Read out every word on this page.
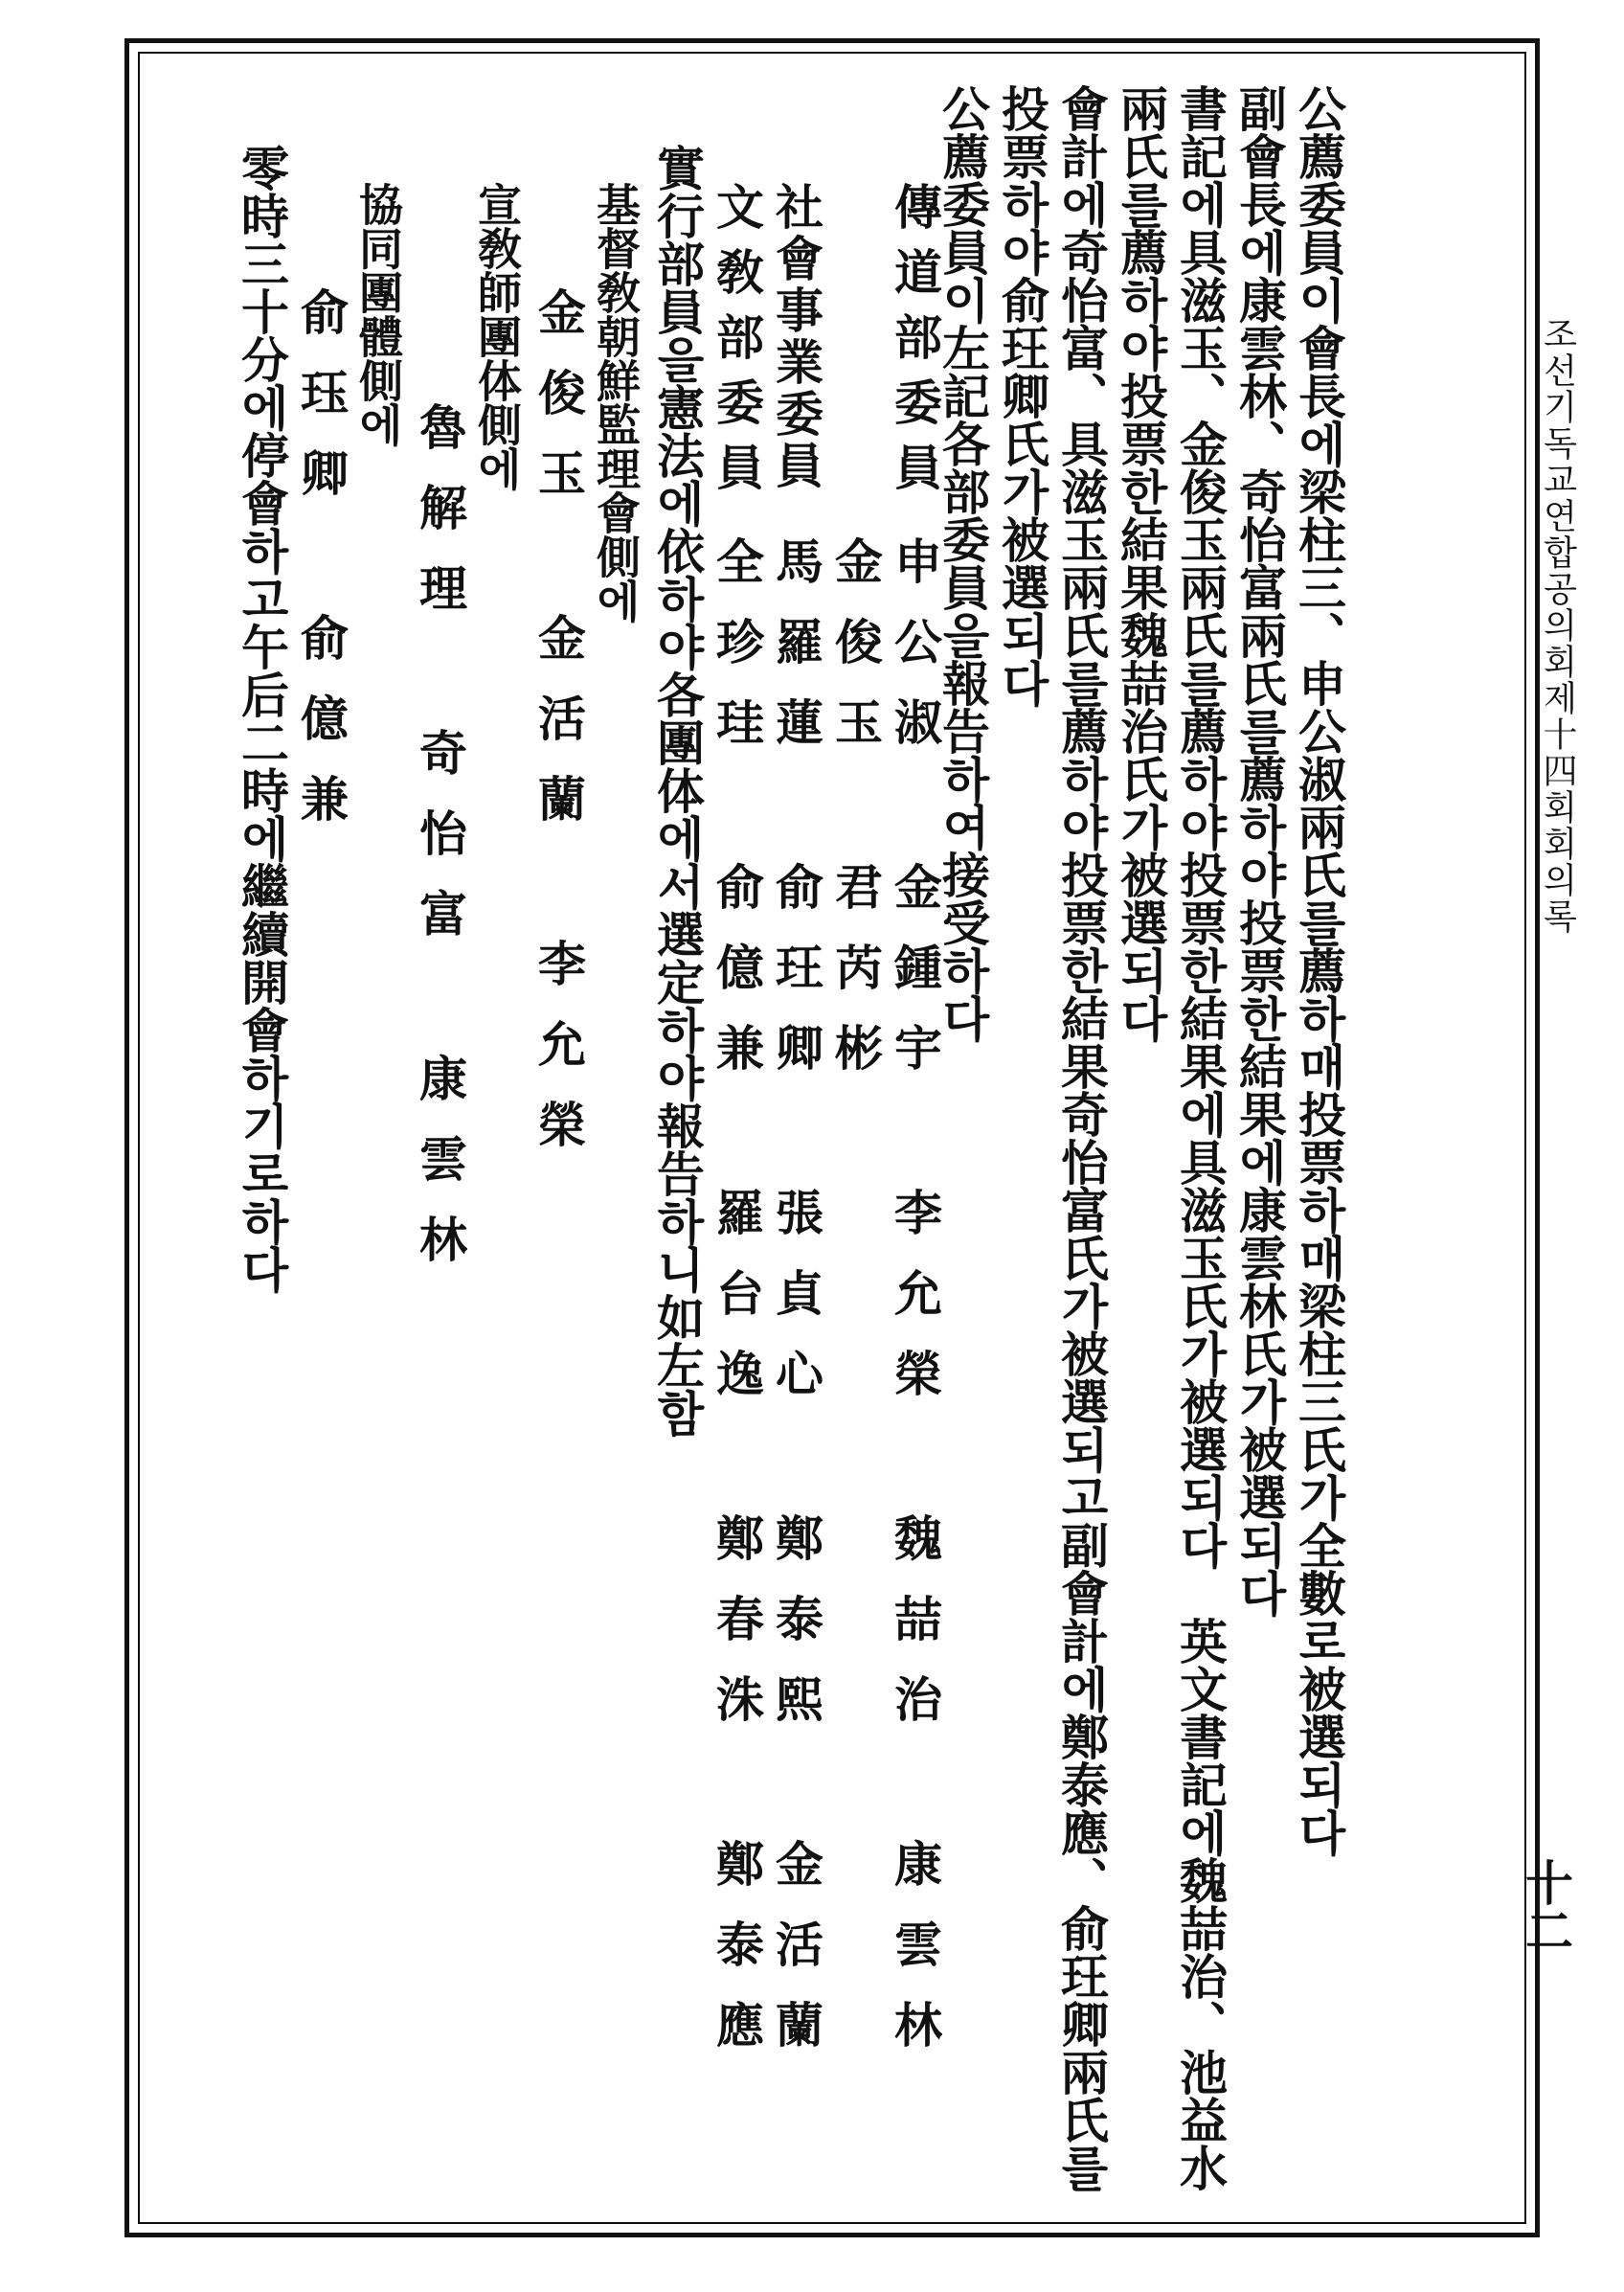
조선기독교연합공의회제十四회회의록
十二
公薦委員이會長에梁柱三、申公淑兩氏를薦하매投票하매梁柱三氏가全數로被選되다
副會長에康雲林、奇怡富兩氏를薦하야投票한結果에康雲林氏가被選되다
書記에具滋玉、金俊玉兩氏를薦하야投票한結果에具滋玉氏가被選되다　英文書記에魏喆治、池益水
兩氏를薦하야投票한結果魏喆治氏가被選되다
會計에奇怡富、具滋玉兩氏를薦하야投票한結果奇怡富氏가被選되고副會計에鄭泰應、俞玨卿兩氏를
投票하야俞玨卿氏가被選되다
公薦委員이左記各部委員을報告하여接受하다
傳道部委員
申公淑
金鍾宇
李允榮
魏喆治
康雲林
金俊玉
君芮彬
社會事業委員
馬羅蓮
俞玨卿
張貞心
鄭泰熙
金活蘭
文敎部委員
全珍珪
俞億兼
羅台逸
鄭春洙
鄭泰應
實行部員을憲法에依하야各團体에서選定하야報告하니如左함
基督敎朝鮮監理會側에
金俊玉
金活蘭
李允榮
宣敎師團体側에
魯解理
奇怡富
康雲林
協同團體側에
俞珏卿
俞億兼
零時三十分에停會하고午后二時에繼續開會하기로하다
